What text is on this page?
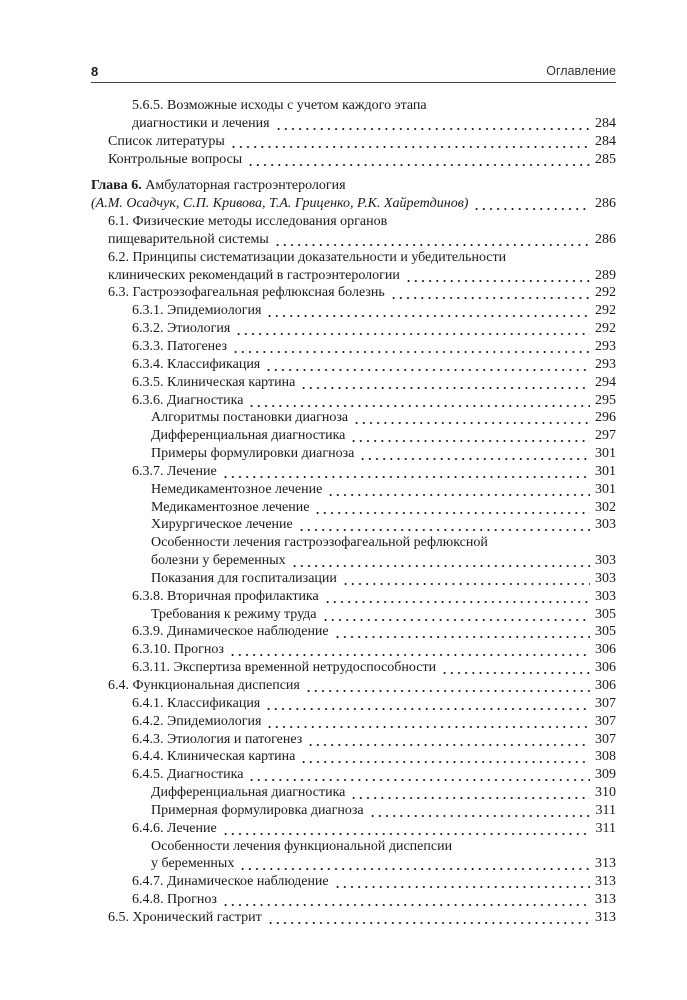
8	Оглавление
5.6.5. Возможные исходы с учетом каждого этапа
диагностики и лечения	284
Список литературы	284
Контрольные вопросы	285
Глава 6. Амбулаторная гастроэнтерология
(А.М. Осадчук, С.П. Кривова, Т.А. Гриценко, Р.К. Хайретдинов)	286
6.1. Физические методы исследования органов
пищеварительной системы	286
6.2. Принципы систематизации доказательности и убедительности
клинических рекомендаций в гастроэнтерологии	289
6.3. Гастроэзофагеальная рефлюксная болезнь	292
6.3.1. Эпидемиология	292
6.3.2. Этиология	292
6.3.3. Патогенез	293
6.3.4. Классификация	293
6.3.5. Клиническая картина	294
6.3.6. Диагностика	295
Алгоритмы постановки диагноза	296
Дифференциальная диагностика	297
Примеры формулировки диагноза	301
6.3.7. Лечение	301
Немедикаментозное лечение	301
Медикаментозное лечение	302
Хирургическое лечение	303
Особенности лечения гастроэзофагеальной рефлюксной
болезни у беременных	303
Показания для госпитализации	303
6.3.8. Вторичная профилактика	303
Требования к режиму труда	305
6.3.9. Динамическое наблюдение	305
6.3.10. Прогноз	306
6.3.11. Экспертиза временной нетрудоспособности	306
6.4. Функциональная диспепсия	306
6.4.1. Классификация	307
6.4.2. Эпидемиология	307
6.4.3. Этиология и патогенез	307
6.4.4. Клиническая картина	308
6.4.5. Диагностика	309
Дифференциальная диагностика	310
Примерная формулировка диагноза	311
6.4.6. Лечение	311
Особенности лечения функциональной диспепсии
у беременных	313
6.4.7. Динамическое наблюдение	313
6.4.8. Прогноз	313
6.5. Хронический гастрит	313
